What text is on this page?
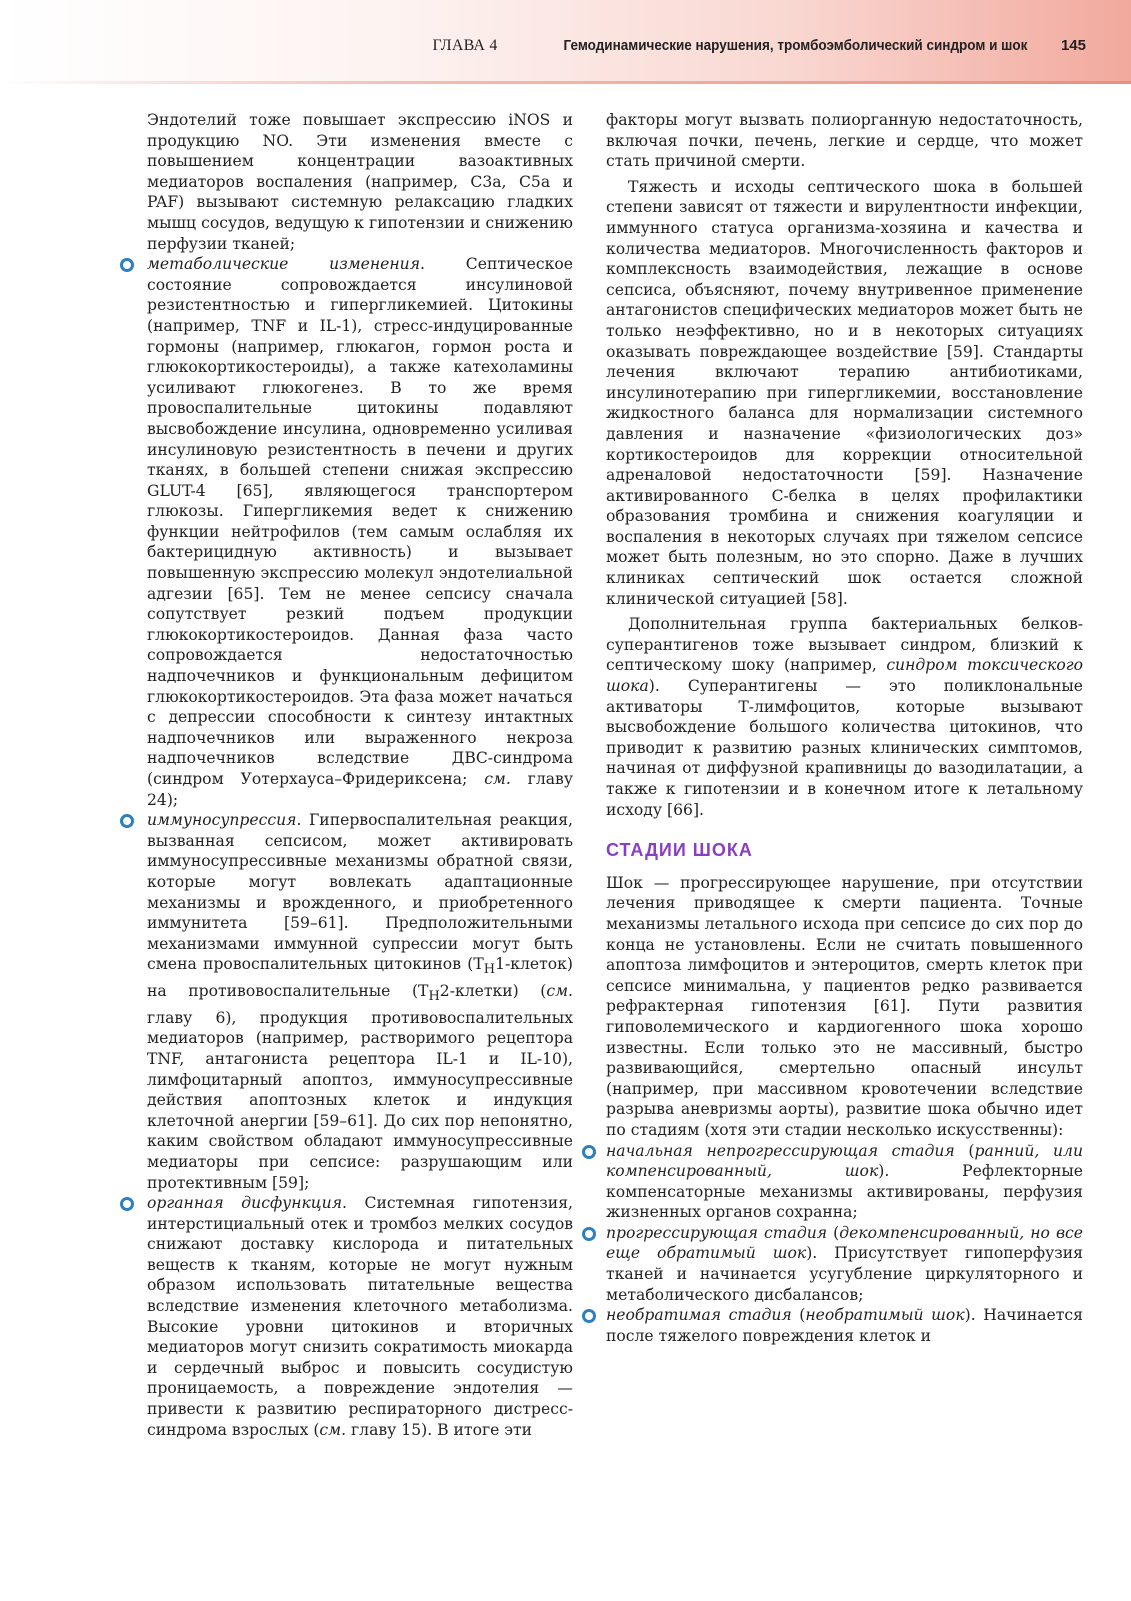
ГЛАВА 4	Гемодинамические нарушения, тромбоэмболический синдром и шок 145

Эндотелий тоже повышает экспрессию iNOS и продукцию NO. Эти изменения вместе с повышением концентрации вазоактивных медиаторов воспаления (например, C3a, C5a и PAF) вызывают системную релаксацию гладких мышц сосудов, ведущую к гипотензии и снижению перфузии тканей;

метаболические изменения. Септическое состояние сопровождается инсулиновой резистентностью и гипергликемией. Цитокины (например, TNF и IL-1), стресс-индуцированные гормоны (например, глюкагон, гормон роста и глюкокортикостероиды), а также катехоламины усиливают глюкогенез. В то же время провоспалительные цитокины подавляют высвобождение инсулина, одновременно усиливая инсулиновую резистентность в печени и других тканях, в большей степени снижая экспрессию GLUT-4 [65], являющегося транспортером глюкозы. Гипергликемия ведет к снижению функции нейтрофилов (тем самым ослабляя их бактерицидную активность) и вызывает повышенную экспрессию молекул эндотелиальной адгезии [65]. Тем не менее сепсису сначала сопутствует резкий подъем продукции глюкокортикостероидов. Данная фаза часто сопровождается недостаточностью надпочечников и функциональным дефицитом глюкокортикостероидов. Эта фаза может начаться с депрессии способности к синтезу интактных надпочечников или выраженного некроза надпочечников вследствие ДВС-синдрома (синдром Уотерхауса–Фридериксена; см. главу 24);
иммуносупрессия. Гипервоспалительная реакция, вызванная сепсисом, может активировать иммуносупрессивные механизмы обратной связи, которые могут вовлекать адаптационные механизмы и врожденного, и приобретенного иммунитета [59–61]. Предположительными механизмами иммунной супрессии могут быть смена провоспалительных цитокинов $(T_H1-клеток)$ на противовоспалительные $(T_H2-клетки)$ (см. главу 6), продукция противовоспалительных медиаторов (например, растворимого рецептора TNF, антагониста рецептора IL-1 и IL-10), лимфоцитарный апоптоз, иммуносупрессивные действия апоптозных клеток и индукция клеточной анергии [59–61]. До сих пор непонятно, каким свойством обладают иммуносупрессивные медиаторы при сепсисе: разрушающим или протективным [59];
органная дисфункция. Системная гипотензия, интерстициальный отек и тромбоз мелких сосудов снижают доставку кислорода и питательных веществ к тканям, которые не могут нужным образом использовать питательные вещества вследствие изменения клеточного метаболизма. Высокие уровни цитокинов и вторичных медиаторов могут снизить сократимость миокарда и сердечный выброс и повысить сосудистую проницаемость, а повреждение эндотелия — привести к развитию респираторного дистресс-синдрома взрослых (см. главу 15). В итоге эти

факторы могут вызвать полиорганную недостаточность, включая почки, печень, легкие и сердце, что может стать причиной смерти.

Тяжесть и исходы септического шока в большей степени зависят от тяжести и вирулентности инфекции, иммунного статуса организма-хозяина и качества и количества медиаторов. Многочисленность факторов и комплексность взаимодействия, лежащие в основе сепсиса, объясняют, почему внутривенное применение антагонистов специфических медиаторов может быть не только неэффективно, но и в некоторых ситуациях оказывать повреждающее воздействие [59]. Стандарты лечения включают терапию антибиотиками, инсулинотерапию при гипергликемии, восстановление жидкостного баланса для нормализации системного давления и назначение «физиологических доз» кортикостероидов для коррекции относительной адреналовой недостаточности [59]. Назначение активированного С-белка в целях профилактики образования тромбина и снижения коагуляции и воспаления в некоторых случаях при тяжелом сепсисе может быть полезным, но это спорно. Даже в лучших клиниках септический шок остается сложной клинической ситуацией [58].

Дополнительная группа бактериальных белков-суперантигенов тоже вызывает синдром, близкий к септическому шоку (например, синдром токсического шока). Суперантигены — это поликлональные активаторы Т-лимфоцитов, которые вызывают высвобождение большого количества цитокинов, что приводит к развитию разных клинических симптомов, начиная от диффузной крапивницы до вазодилатации, а также к гипотензии и в конечном итоге к летальному исходу [66].

СТАДИИ ШОКА

Шок — прогрессирующее нарушение, при отсутствии лечения приводящее к смерти пациента. Точные механизмы летального исхода при сепсисе до сих пор до конца не установлены. Если не считать повышенного апоптоза лимфоцитов и энтероцитов, смерть клеток при сепсисе минимальна, у пациентов редко развивается рефрактерная гипотензия [61]. Пути развития гиповолемического и кардиогенного шока хорошо известны. Если только это не массивный, быстро развивающийся, смертельно опасный инсульт (например, при массивном кровотечении вследствие разрыва аневризмы аорты), развитие шока обычно идет по стадиям (хотя эти стадии несколько искусственны):

начальная непрогрессирующая стадия (ранний, или компенсированный, шок). Рефлекторные компенсаторные механизмы активированы, перфузия жизненных органов сохранна;
прогрессирующая стадия (декомпенсированный, но все еще обратимый шок). Присутствует гипоперфузия тканей и начинается усугубление циркуляторного и метаболического дисбалансов;
необратимая стадия (необратимый шок). Начинается после тяжелого повреждения клеток и
